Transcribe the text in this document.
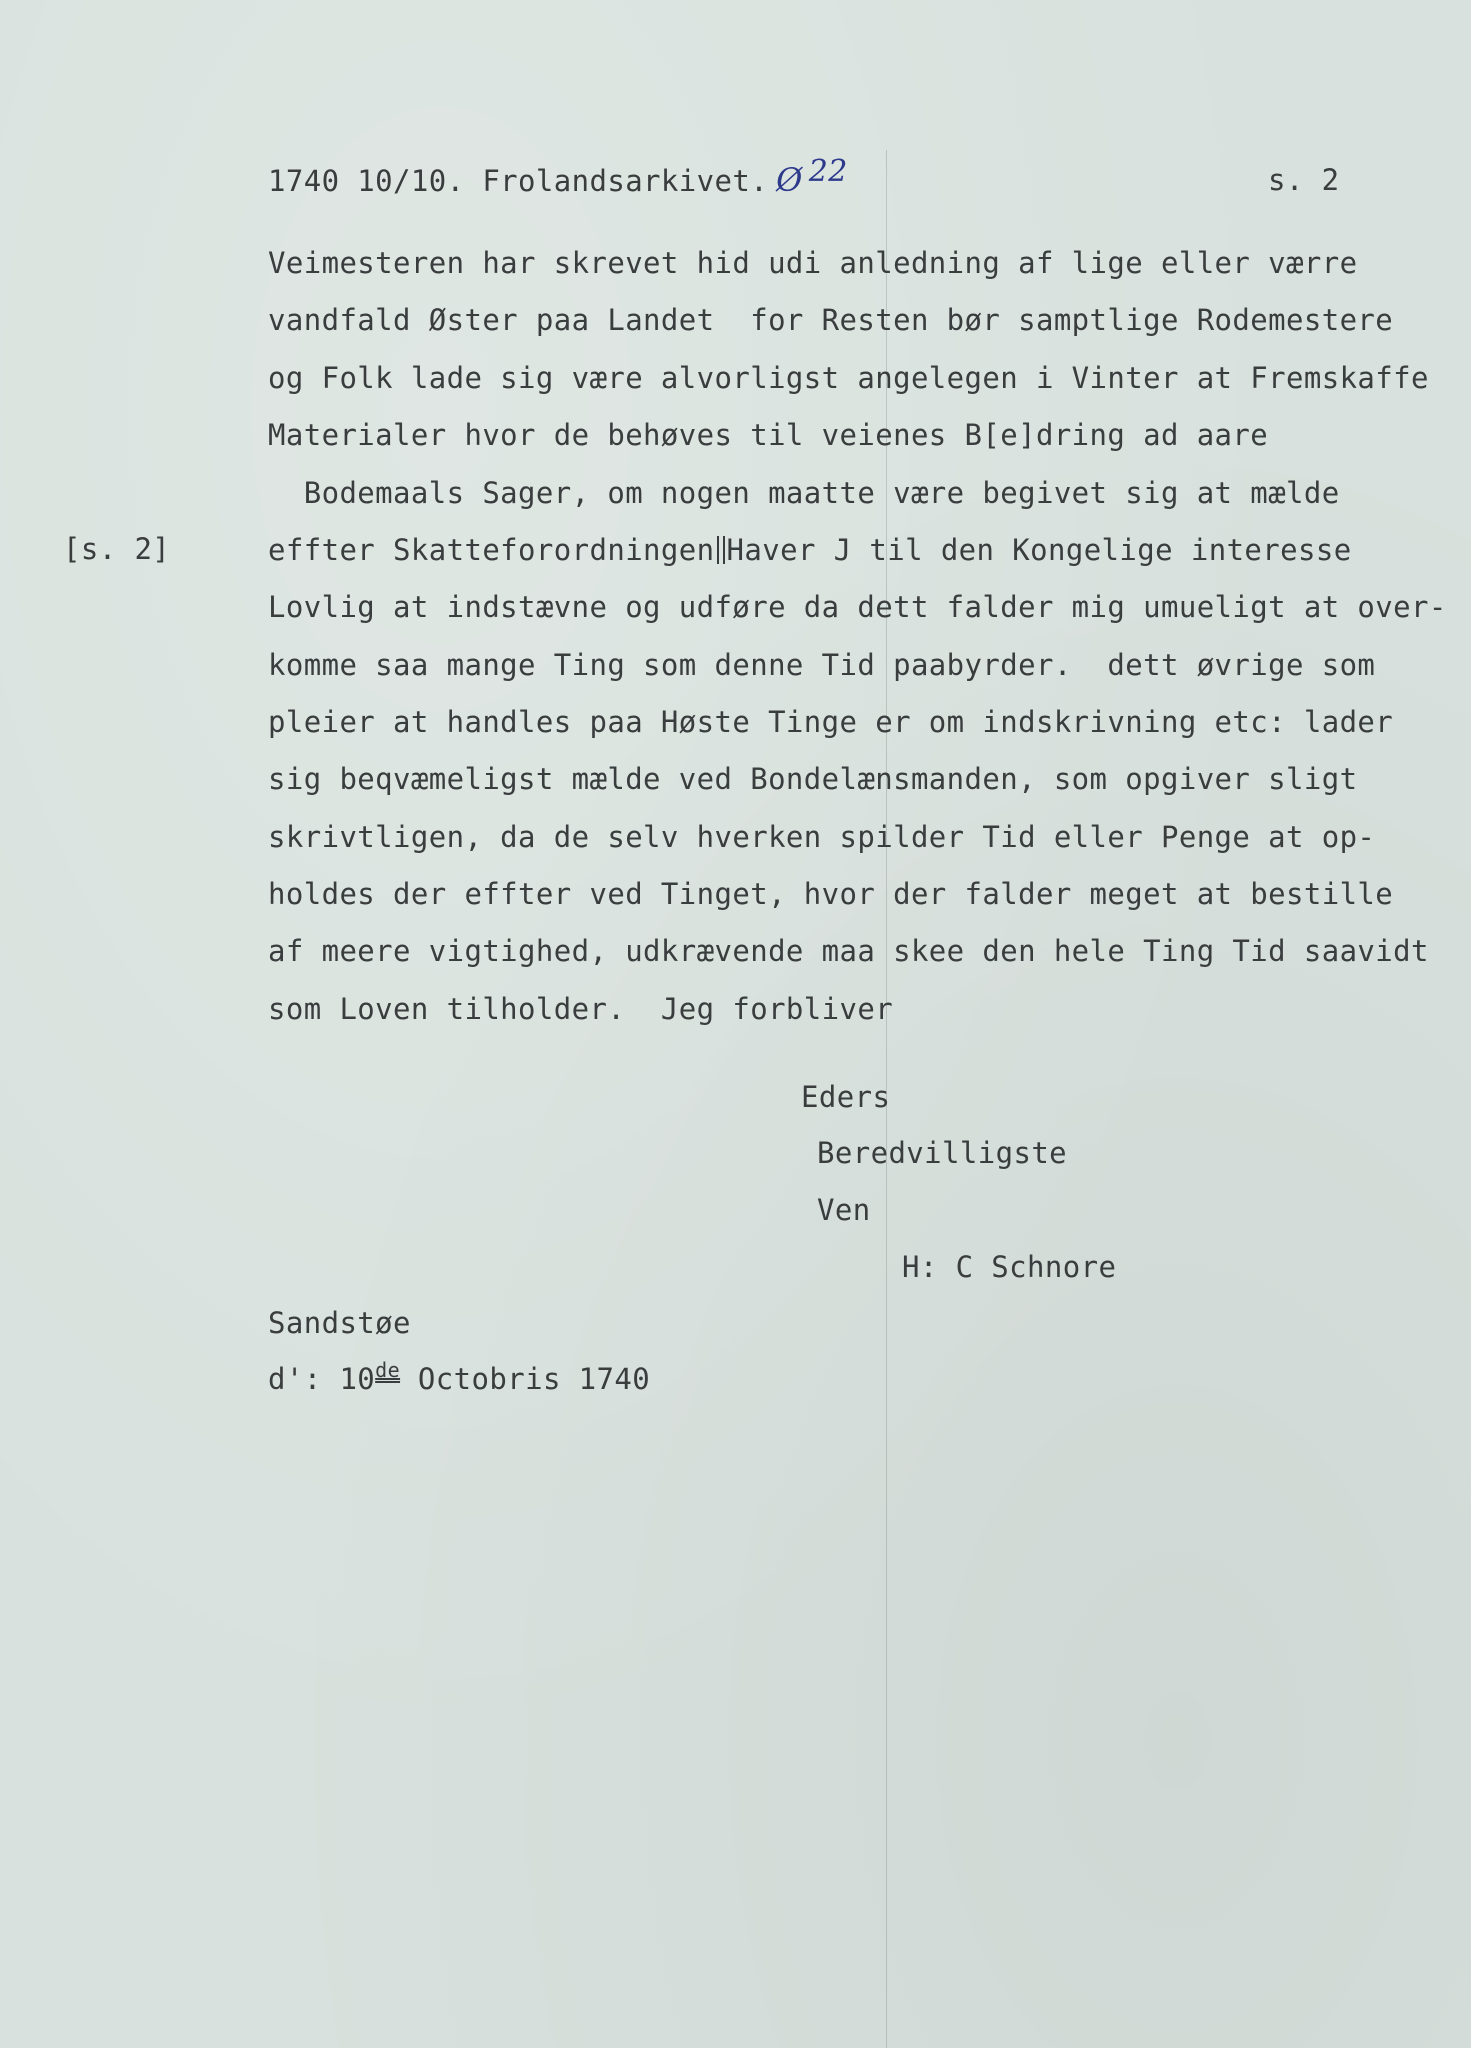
1740 10/10. Frolandsarkivet. Ø 22	s. 2

[s. 2]

Veimesteren har skrevet hid udi anledning af lige eller værre

vandfald Øster paa Landet  for Resten bør samptlige Rodemestere

og Folk lade sig være alvorligst angelegen i Vinter at Fremskaffe

Materialer hvor de behøves til veienes B[e]dring ad aare

Bodemaals Sager, om nogen maatte være begivet sig at mælde

effter Skatteforordningen Haver J til den Kongelige interesse

Lovlig at indstævne og udføre da dett falder mig umueligt at over-

komme saa mange Ting som denne Tid paabyrder.  dett øvrige som

pleier at handles paa Høste Tinge er om indskrivning etc: lader

sig beqvæmeligst mælde ved Bondelænsmanden, som opgiver sligt

skrivtligen, da de selv hverken spilder Tid eller Penge at op-

holdes der effter ved Tinget, hvor der falder meget at bestille

af meere vigtighed, udkrævende maa skee den hele Ting Tid saavidt

som Loven tilholder.  Jeg forbliver

Eders

Beredvilligste

Ven

H: C Schnore

Sandstøe

d': 10de Octobris 1740
